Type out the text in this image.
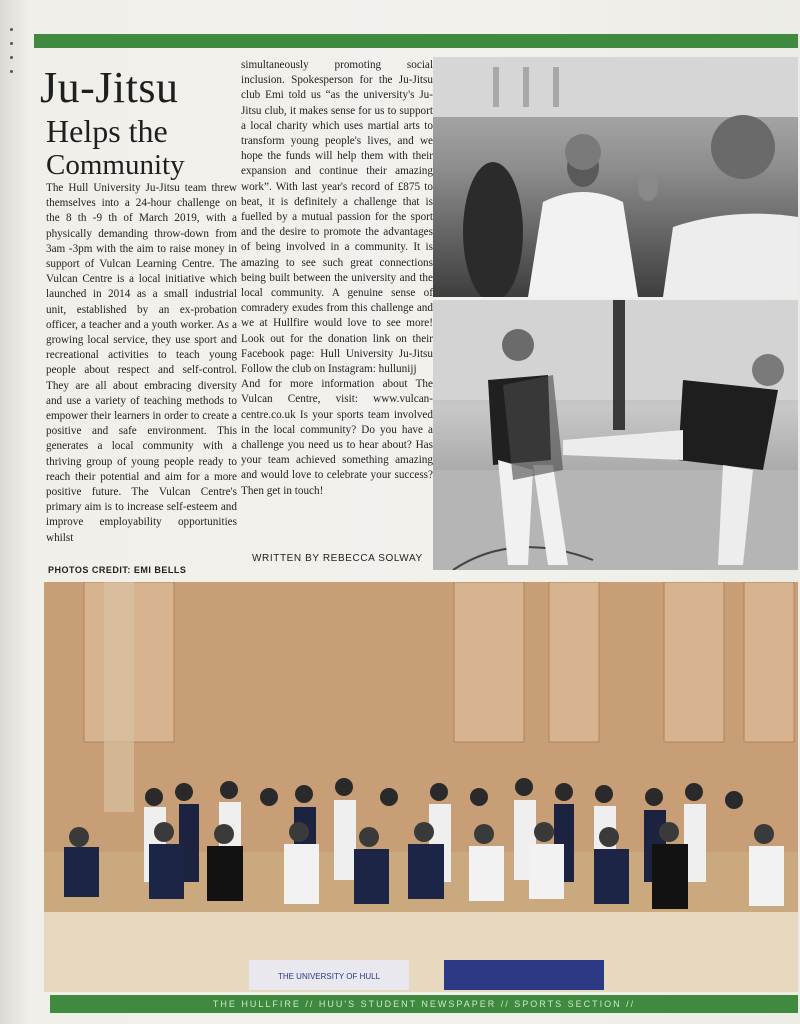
Ju-Jitsu
Helps the
Community

The Hull University Ju-Jitsu team threw themselves into a 24-hour challenge on the 8 th -9 th of March 2019, with a physically demanding throw-down from 3am -3pm with the aim to raise money in support of Vulcan Learning Centre. The Vulcan Centre is a local initiative which launched in 2014 as a small industrial unit, established by an ex-probation officer, a teacher and a youth worker. As a growing local service, they use sport and recreational activities to teach young people about respect and self-control. They are all about embracing diversity and use a variety of teaching methods to empower their learners in order to create a positive and safe environment. This generates a local community with a thriving group of young people ready to reach their potential and aim for a more positive future. The Vulcan Centre's primary aim is to increase self-esteem and improve employability opportunities whilst

simultaneously promoting social inclusion. Spokesperson for the Ju-Jitsu club Emi told us “as the university's Ju-Jitsu club, it makes sense for us to support a local charity which uses martial arts to transform young people's lives, and we hope the funds will help them with their expansion and continue their amazing work”. With last year's record of £875 to beat, it is definitely a challenge that is fuelled by a mutual passion for the sport and the desire to promote the advantages of being involved in a community. It is amazing to see such great connections being built between the university and the local community. A genuine sense of comradery exudes from this challenge and we at Hullfire would love to see more! Look out for the donation link on their Facebook page: Hull University Ju-Jitsu Follow the club on Instagram: hullunijj

And for more information about The Vulcan Centre, visit: www.vulcan-centre.co.uk Is your sports team involved in the local community? Do you have a challenge you need us to hear about? Has your team achieved something amazing and would love to celebrate your success? Then get in touch!

PHOTOS CREDIT: EMI BELLS
WRITTEN BY REBECCA SOLWAY
THE UNIVERSITY OF HULL
THE HULLFIRE // HUU'S STUDENT NEWSPAPER // SPORTS SECTION //
